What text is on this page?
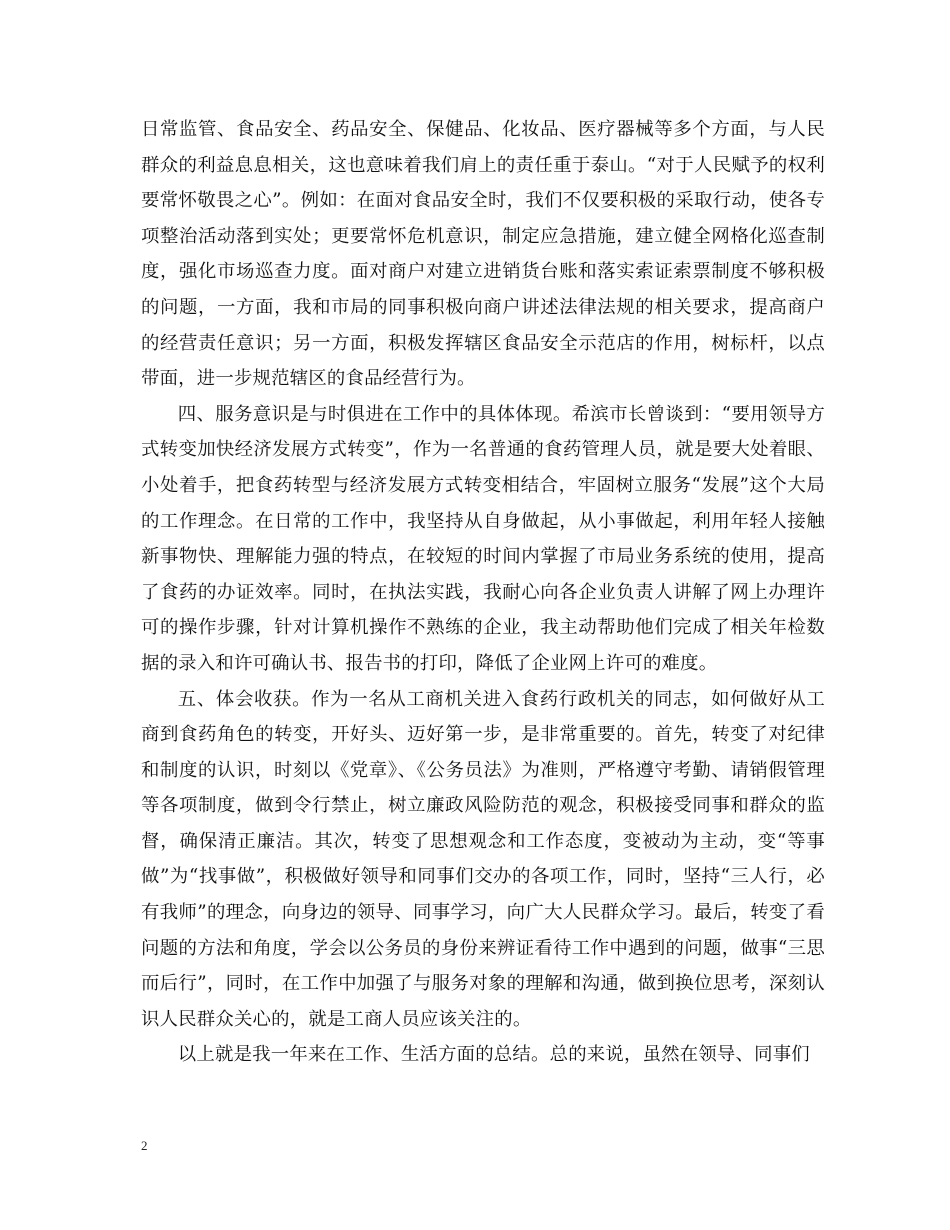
日常监管、食品安全、药品安全、保健品、化妆品、医疗器械等多个方面，与人民群众的利益息息相关，这也意味着我们肩上的责任重于泰山。“对于人民赋予的权利要常怀敬畏之心”。例如：在面对食品安全时，我们不仅要积极的采取行动，使各专项整治活动落到实处；更要常怀危机意识，制定应急措施，建立健全网格化巡查制度，强化市场巡查力度。面对商户对建立进销货台账和落实索证索票制度不够积极的问题，一方面，我和市局的同事积极向商户讲述法律法规的相关要求，提高商户的经营责任意识；另一方面，积极发挥辖区食品安全示范店的作用，树标杆，以点带面，进一步规范辖区的食品经营行为。

四、服务意识是与时俱进在工作中的具体体现。希滨市长曾谈到：“要用领导方式转变加快经济发展方式转变”，作为一名普通的食药管理人员，就是要大处着眼、小处着手，把食药转型与经济发展方式转变相结合，牢固树立服务“发展”这个大局的工作理念。在日常的工作中，我坚持从自身做起，从小事做起，利用年轻人接触新事物快、理解能力强的特点，在较短的时间内掌握了市局业务系统的使用，提高了食药的办证效率。同时，在执法实践，我耐心向各企业负责人讲解了网上办理许可的操作步骤，针对计算机操作不熟练的企业，我主动帮助他们完成了相关年检数据的录入和许可确认书、报告书的打印，降低了企业网上许可的难度。

五、体会收获。作为一名从工商机关进入食药行政机关的同志，如何做好从工商到食药角色的转变，开好头、迈好第一步，是非常重要的。首先，转变了对纪律和制度的认识，时刻以《党章》、《公务员法》为准则，严格遵守考勤、请销假管理等各项制度，做到令行禁止，树立廉政风险防范的观念，积极接受同事和群众的监督，确保清正廉洁。其次，转变了思想观念和工作态度，变被动为主动，变“等事做”为“找事做”，积极做好领导和同事们交办的各项工作，同时，坚持“三人行，必有我师”的理念，向身边的领导、同事学习，向广大人民群众学习。最后，转变了看问题的方法和角度，学会以公务员的身份来辨证看待工作中遇到的问题，做事“三思而后行”，同时，在工作中加强了与服务对象的理解和沟通，做到换位思考，深刻认识人民群众关心的，就是工商人员应该关注的。

以上就是我一年来在工作、生活方面的总结。总的来说，虽然在领导、同事们

2
